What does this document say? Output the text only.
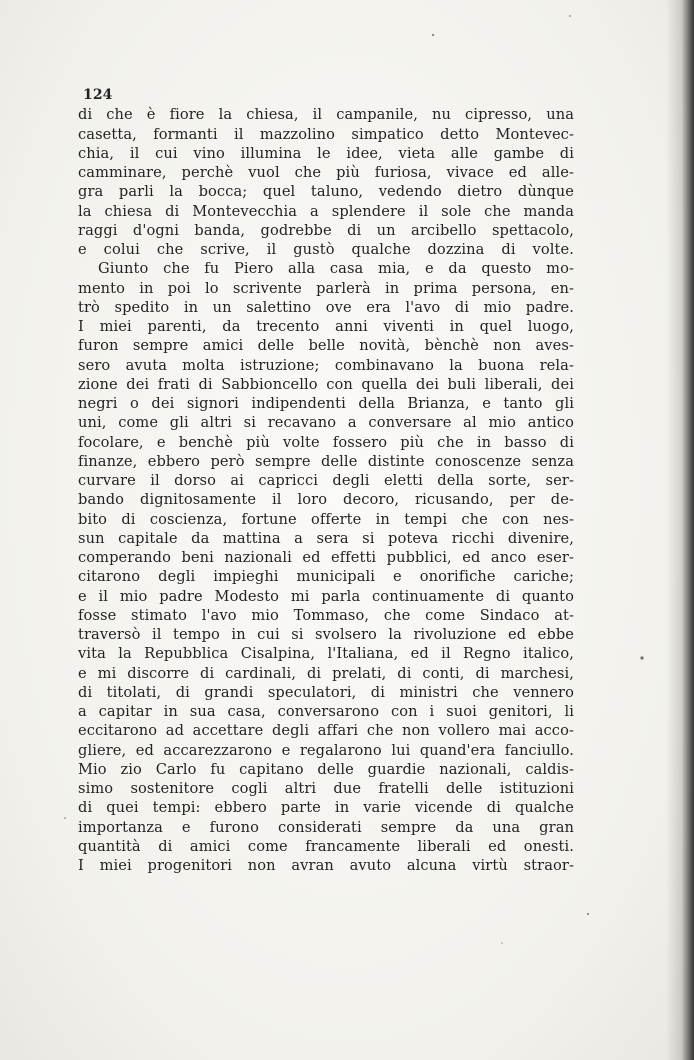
124
di che è fiore la chiesa, il campanile, nu cipresso, una
casetta, formanti il mazzolino simpatico detto Montevec-
chia, il cui vino illumina le idee, vieta alle gambe di
camminare, perchè vuol che più furiosa, vivace ed alle-
gra parli la bocca; quel taluno, vedendo dietro dùnque
la chiesa di Montevecchia a splendere il sole che manda
raggi d'ogni banda, godrebbe di un arcibello spettacolo,
e colui che scrive, il gustò qualche dozzina di volte.
Giunto che fu Piero alla casa mia, e da questo mo-
mento in poi lo scrivente parlerà in prima persona, en-
trò spedito in un salettino ove era l'avo di mio padre.
I miei parenti, da trecento anni viventi in quel luogo,
furon sempre amici delle belle novità, bènchè non aves-
sero avuta molta istruzione; combinavano la buona rela-
zione dei frati di Sabbioncello con quella dei buli liberali, dei
negri o dei signori indipendenti della Brianza, e tanto gli
uni, come gli altri si recavano a conversare al mio antico
focolare, e benchè più volte fossero più che in basso di
finanze, ebbero però sempre delle distinte conoscenze senza
curvare il dorso ai capricci degli eletti della sorte, ser-
bando dignitosamente il loro decoro, ricusando, per de-
bito di coscienza, fortune offerte in tempi che con nes-
sun capitale da mattina a sera si poteva ricchi divenire,
comperando beni nazionali ed effetti pubblici, ed anco eser-
citarono degli impieghi municipali e onorifiche cariche;
e il mio padre Modesto mi parla continuamente di quanto
fosse stimato l'avo mio Tommaso, che come Sindaco at-
traversò il tempo in cui si svolsero la rivoluzione ed ebbe
vita la Repubblica Cisalpina, l'Italiana, ed il Regno italico,
e mi discorre di cardinali, di prelati, di conti, di marchesi,
di titolati, di grandi speculatori, di ministri che vennero
a capitar in sua casa, conversarono con i suoi genitori, li
eccitarono ad accettare degli affari che non vollero mai acco-
gliere, ed accarezzarono e regalarono lui quand'era fanciullo.
Mio zio Carlo fu capitano delle guardie nazionali, caldis-
simo sostenitore cogli altri due fratelli delle istituzioni
di quei tempi: ebbero parte in varie vicende di qualche
importanza e furono considerati sempre da una gran
quantità di amici come francamente liberali ed onesti.
I miei progenitori non avran avuto alcuna virtù straor-
